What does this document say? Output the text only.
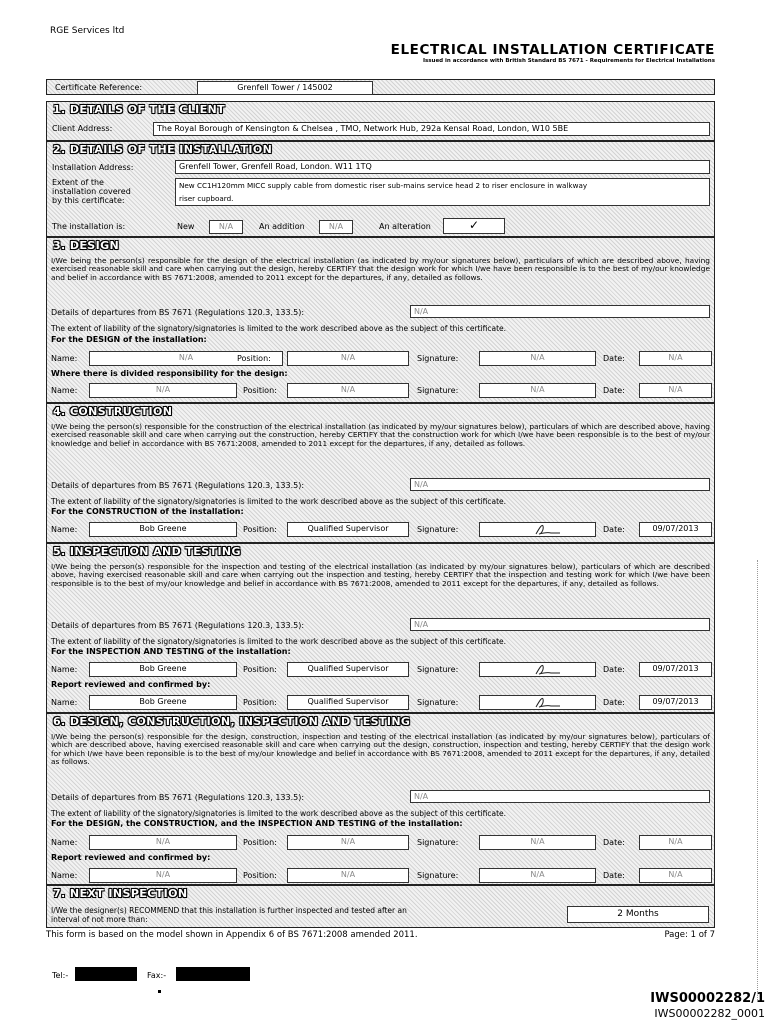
RGE Services ltd
ELECTRICAL INSTALLATION CERTIFICATE
Issued in accordance with British Standard BS 7671 - Requirements for Electrical Installations
Certificate Reference:	Grenfell Tower / 145002
1. DETAILS OF THE CLIENT
Client Address:	The Royal Borough of Kensington & Chelsea , TMO, Network Hub, 292a Kensal Road, London, W10 5BE
2. DETAILS OF THE INSTALLATION
Installation Address:	Grenfell Tower, Grenfell Road, London. W11 1TQ
Extent of the
installation covered
by this certificate:
New CC1H120mm MICC supply cable from domestic riser sub-mains service head 2 to riser enclosure in walkway
riser cupboard.
The installation is:	New	N/A	An addition	N/A	An alteration	✓
3. DESIGN
I/We being the person(s) responsible for the design of the electrical installation (as indicated by my/our signatures below), particulars of which are described above, having exercised reasonable skill and care when carrying out the design, hereby CERTIFY that the design work for which I/we have been responsible is to the best of my/our knowledge and belief in accordance with BS 7671:2008, amended to 2011 except for the departures, if any, detailed as follows.
Details of departures from BS 7671 (Regulations 120.3, 133.5):	N/A
The extent of liability of the signatory/signatories is limited to the work described above as the subject of this certificate.
For the DESIGN of the installation:
Name:	N/A	Position:	N/A	Signature:	N/A	Date:	N/A
Where there is divided responsibility for the design:
Name:	N/A	Position:	N/A	Signature:	N/A	Date:	N/A
4. CONSTRUCTION
I/We being the person(s) responsible for the construction of the electrical installation (as indicated by my/our signatures below), particulars of which are described above, having exercised reasonable skill and care when carrying out the construction, hereby CERTIFY that the construction work for which I/we have been responsible is to the best of my/our knowledge and belief in accordance with BS 7671:2008, amended to 2011 except for the departures, if any, detailed as follows.
Details of departures from BS 7671 (Regulations 120.3, 133.5):	N/A
The extent of liability of the signatory/signatories is limited to the work described above as the subject of this certificate.
For the CONSTRUCTION of the installation:
Name:	Bob Greene	Position:	Qualified Supervisor	Signature:	Date:	09/07/2013
5. INSPECTION AND TESTING
I/We being the person(s) responsible for the inspection and testing of the electrical installation (as indicated by my/our signatures below), particulars of which are described above, having exercised reasonable skill and care when carrying out the inspection and testing, hereby CERTIFY that the inspection and testing work for which I/we have been responsible is to the best of my/our knowledge and belief in accordance with BS 7671:2008, amended to 2011 except for the departures, if any, detailed as follows.
Details of departures from BS 7671 (Regulations 120.3, 133.5):	N/A
The extent of liability of the signatory/signatories is limited to the work described above as the subject of this certificate.
For the INSPECTION AND TESTING of the installation:
Name:	Bob Greene	Position:	Qualified Supervisor	Signature:	Date:	09/07/2013
Report reviewed and confirmed by:
Name:	Bob Greene	Position:	Qualified Supervisor	Signature:	Date:	09/07/2013
6. DESIGN, CONSTRUCTION, INSPECTION AND TESTING
I/We being the person(s) responsible for the design, construction, inspection and testing of the electrical installation (as indicated by my/our signatures below), particulars of which are described above, having exercised reasonable skill and care when carrying out the design, construction, inspection and testing, hereby CERTIFY that the design work for which I/we have been reponsible is to the best of my/our knowledge and belief in accordance with BS 7671:2008, amended to 2011 except for the departures, if any, detailed as follows.
Details of departures from BS 7671 (Regulations 120.3, 133.5):	N/A
The extent of liability of the signatory/signatories is limited to the work described above as the subject of this certificate.
For the DESIGN, the CONSTRUCTION, and the INSPECTION AND TESTING of the installation:
Name:	N/A	Position:	N/A	Signature:	N/A	Date:	N/A
Report reviewed and confirmed by:
Name:	N/A	Position:	N/A	Signature:	N/A	Date:	N/A
7. NEXT INSPECTION
I/We the designer(s) RECOMMEND that this installation is further inspected and tested after an
interval of not more than:
2 Months
This form is based on the model shown in Appendix 6 of BS 7671:2008 amended 2011.	Page: 1 of 7
Tel:-	Fax:-
IWS00002282/1
IWS00002282_0001
